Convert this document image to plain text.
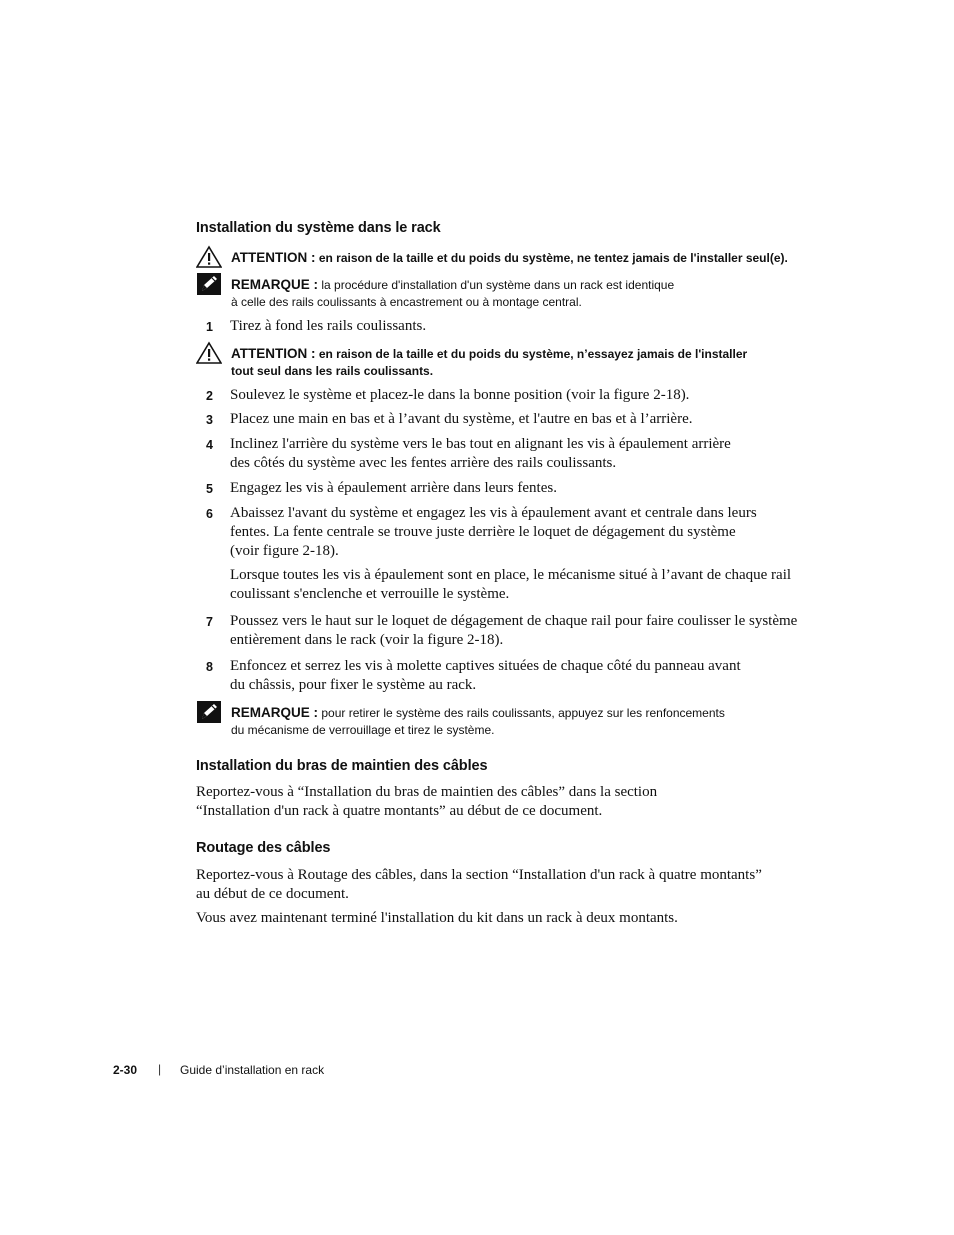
Installation du système dans le rack
ATTENTION : en raison de la taille et du poids du système, ne tentez jamais de l'installer seul(e).
REMARQUE : la procédure d'installation d'un système dans un rack est identique
à celle des rails coulissants à encastrement ou à montage central.
1 Tirez à fond les rails coulissants.
ATTENTION : en raison de la taille et du poids du système, n’essayez jamais de l'installer
tout seul dans les rails coulissants.
2 Soulevez le système et placez-le dans la bonne position (voir la figure 2-18).
3 Placez une main en bas et à l’avant du système, et l'autre en bas et à l’arrière.
4 Inclinez l'arrière du système vers le bas tout en alignant les vis à épaulement arrière
des côtés du système avec les fentes arrière des rails coulissants.
5 Engagez les vis à épaulement arrière dans leurs fentes.
6 Abaissez l'avant du système et engagez les vis à épaulement avant et centrale dans leurs
fentes. La fente centrale se trouve juste derrière le loquet de dégagement du système
(voir figure 2-18).
Lorsque toutes les vis à épaulement sont en place, le mécanisme situé à l’avant de chaque rail
coulissant s'enclenche et verrouille le système.
7 Poussez vers le haut sur le loquet de dégagement de chaque rail pour faire coulisser le système
entièrement dans le rack (voir la figure 2-18).
8 Enfoncez et serrez les vis à molette captives situées de chaque côté du panneau avant
du châssis, pour fixer le système au rack.
REMARQUE : pour retirer le système des rails coulissants, appuyez sur les renfoncements
du mécanisme de verrouillage et tirez le système.
Installation du bras de maintien des câbles
Reportez-vous à “Installation du bras de maintien des câbles” dans la section
“Installation d'un rack à quatre montants” au début de ce document.
Routage des câbles
Reportez-vous à Routage des câbles, dans la section “Installation d'un rack à quatre montants”
au début de ce document.
Vous avez maintenant terminé l'installation du kit dans un rack à deux montants.
2-30 | Guide d’installation en rack
